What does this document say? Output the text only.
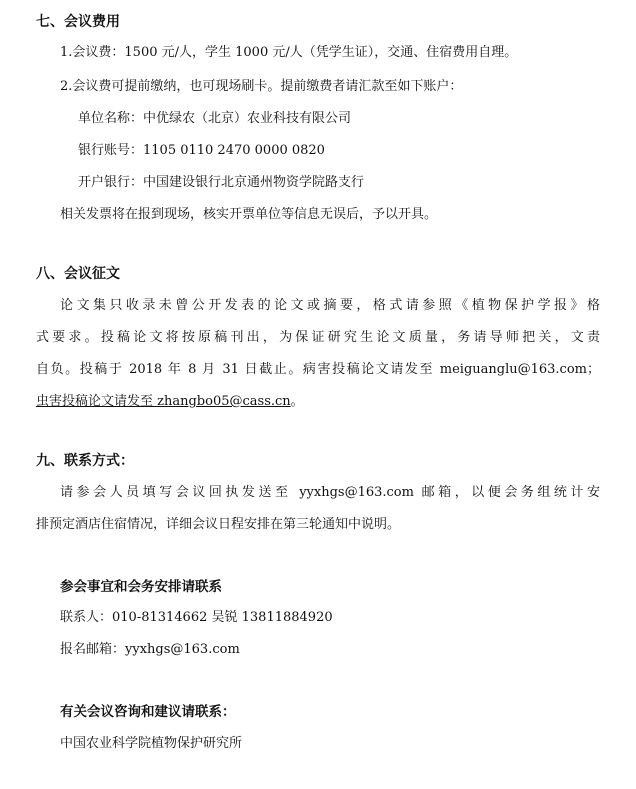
七、会议费用
1.会议费：1500 元/人，学生 1000 元/人（凭学生证），交通、住宿费用自理。
2.会议费可提前缴纳，也可现场刷卡。提前缴费者请汇款至如下账户：
单位名称：中优绿农（北京）农业科技有限公司
银行账号：1105 0110 2470 0000 0820
开户银行：中国建设银行北京通州物资学院路支行
相关发票将在报到现场，核实开票单位等信息无误后，予以开具。
八、会议征文
论文集只收录未曾公开发表的论文或摘要，格式请参照《植物保护学报》格
式要求。投稿论文将按原稿刊出，为保证研究生论文质量，务请导师把关，文责
自负。投稿于 2018 年 8 月 31 日截止。病害投稿论文请发至 meiguanglu@163.com；
虫害投稿论文请发至 zhangbo05@cass.cn。
九、联系方式：
请参会人员填写会议回执发送至 yyxhgs@163.com 邮箱，以便会务组统计安
排预定酒店住宿情况，详细会议日程安排在第三轮通知中说明。
参会事宜和会务安排请联系
联系人：010-81314662 吴锐 13811884920
报名邮箱：yyxhgs@163.com
有关会议咨询和建议请联系：
中国农业科学院植物保护研究所
